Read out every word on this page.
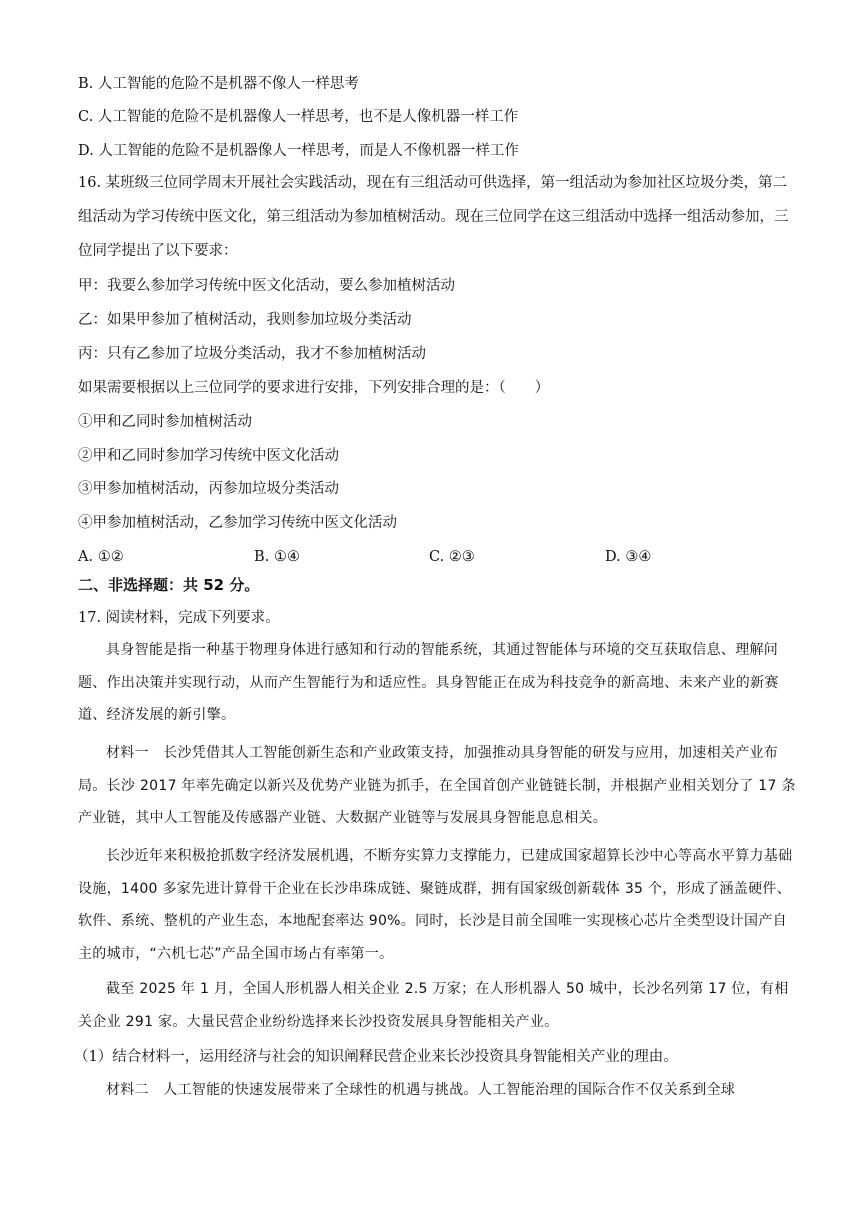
B. 人工智能的危险不是机器不像人一样思考
C. 人工智能的危险不是机器像人一样思考，也不是人像机器一样工作
D. 人工智能的危险不是机器像人一样思考，而是人不像机器一样工作
16. 某班级三位同学周末开展社会实践活动，现在有三组活动可供选择，第一组活动为参加社区垃圾分类，第二组活动为学习传统中医文化，第三组活动为参加植树活动。现在三位同学在这三组活动中选择一组活动参加，三位同学提出了以下要求：
甲：我要么参加学习传统中医文化活动，要么参加植树活动
乙：如果甲参加了植树活动，我则参加垃圾分类活动
丙：只有乙参加了垃圾分类活动，我才不参加植树活动
如果需要根据以上三位同学的要求进行安排，下列安排合理的是：（　　）
①甲和乙同时参加植树活动
②甲和乙同时参加学习传统中医文化活动
③甲参加植树活动，丙参加垃圾分类活动
④甲参加植树活动，乙参加学习传统中医文化活动
A. ①②	B. ①④	C. ②③	D. ③④
二、非选择题：共 52 分。
17. 阅读材料，完成下列要求。
具身智能是指一种基于物理身体进行感知和行动的智能系统，其通过智能体与环境的交互获取信息、理解问题、作出决策并实现行动，从而产生智能行为和适应性。具身智能正在成为科技竞争的新高地、未来产业的新赛道、经济发展的新引擎。
材料一　长沙凭借其人工智能创新生态和产业政策支持，加强推动具身智能的研发与应用，加速相关产业布局。长沙 2017 年率先确定以新兴及优势产业链为抓手，在全国首创产业链链长制，并根据产业相关划分了 17 条产业链，其中人工智能及传感器产业链、大数据产业链等与发展具身智能息息相关。
长沙近年来积极抢抓数字经济发展机遇，不断夯实算力支撑能力，已建成国家超算长沙中心等高水平算力基础设施，1400 多家先进计算骨干企业在长沙串珠成链、聚链成群，拥有国家级创新载体 35 个，形成了涵盖硬件、软件、系统、整机的产业生态，本地配套率达 90%。同时，长沙是目前全国唯一实现核心芯片全类型设计国产自主的城市，“六机七芯”产品全国市场占有率第一。
截至 2025 年 1 月，全国人形机器人相关企业 2.5 万家；在人形机器人 50 城中，长沙名列第 17 位，有相关企业 291 家。大量民营企业纷纷选择来长沙投资发展具身智能相关产业。
（1）结合材料一，运用经济与社会的知识阐释民营企业来长沙投资具身智能相关产业的理由。
材料二　人工智能的快速发展带来了全球性的机遇与挑战。人工智能治理的国际合作不仅关系到全球
